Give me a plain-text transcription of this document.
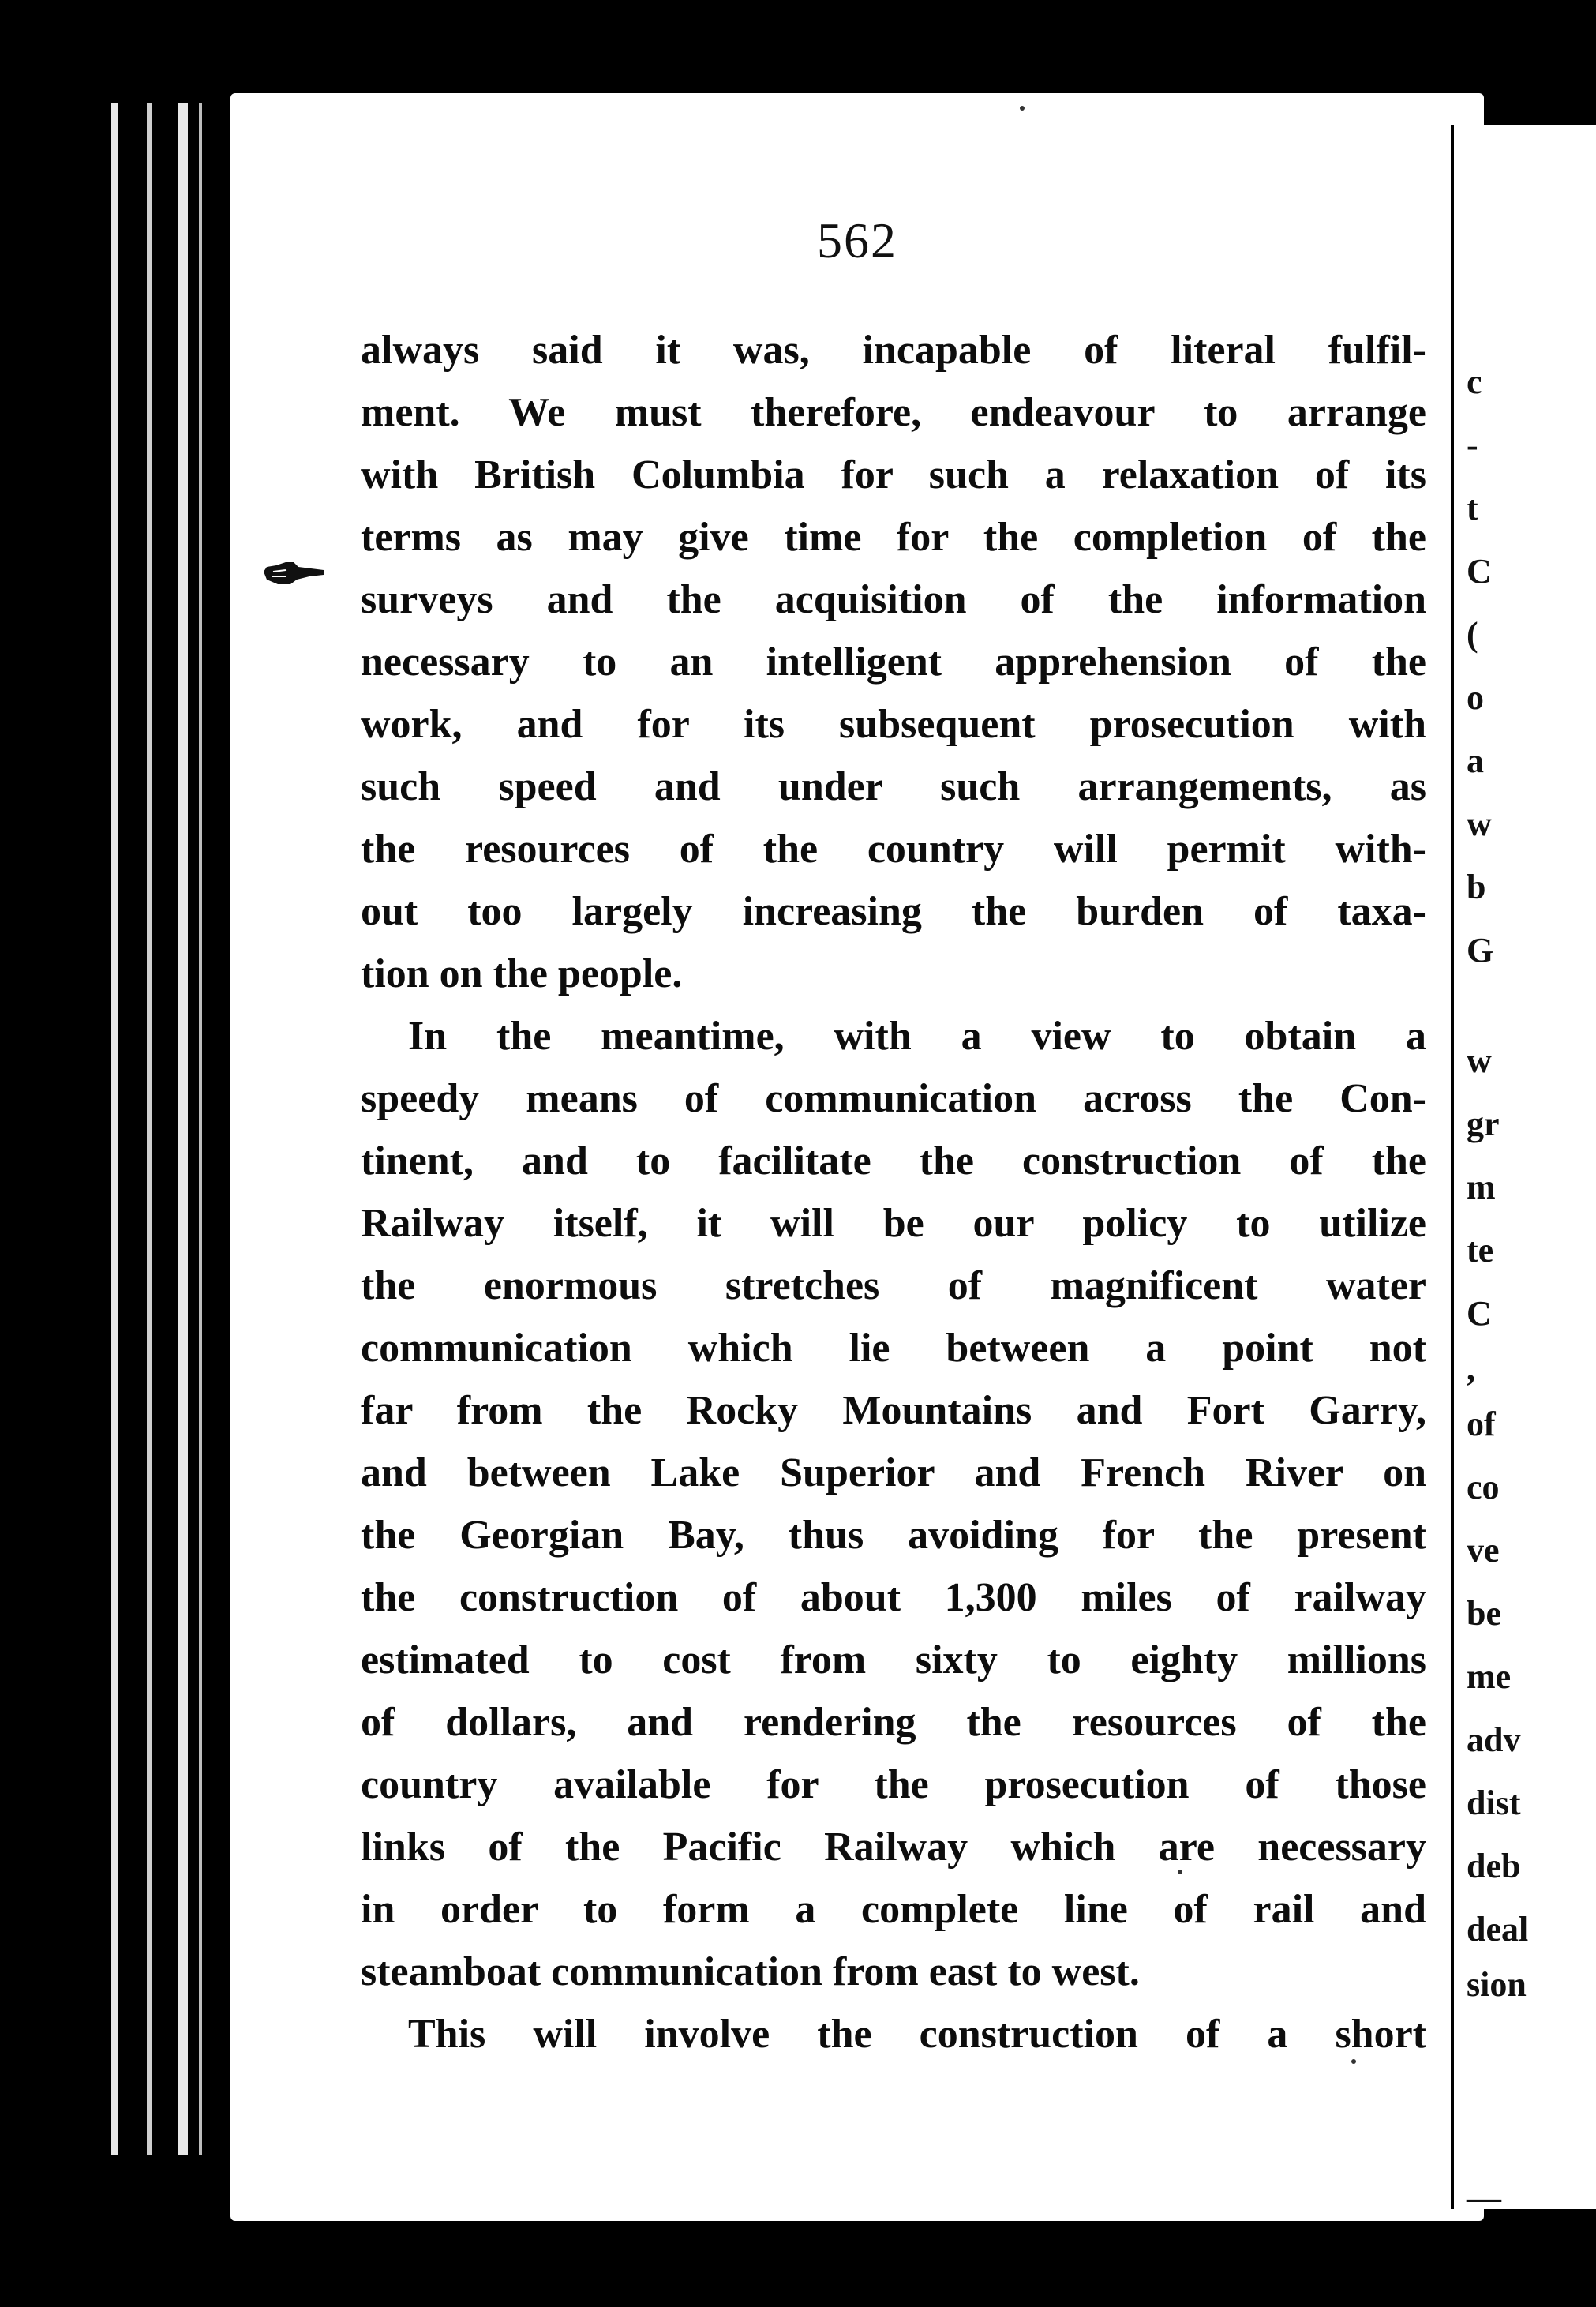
562
always said it was, incapable of literal fulfil-
ment. We must therefore, endeavour to arrange
with British Columbia for such a relaxation of its
terms as may give time for the completion of the
surveys and the acquisition of the information
necessary to an intelligent apprehension of the
work, and for its subsequent prosecution with
such speed and under such arrangements, as
the resources of the country will permit with-
out too largely increasing the burden of taxa-
tion on the people.
In the meantime, with a view to obtain a
speedy means of communication across the Con-
tinent, and to facilitate the construction of the
Railway itself, it will be our policy to utilize
the enormous stretches of magnificent water
communication which lie between a point not
far from the Rocky Mountains and Fort Garry,
and between Lake Superior and French River on
the Georgian Bay, thus avoiding for the present
the construction of about 1,300 miles of railway
estimated to cost from sixty to eighty millions
of dollars, and rendering the resources of the
country available for the prosecution of those
links of the Pacific Railway which are necessary
in order to form a complete line of rail and
steamboat communication from east to west.
This will involve the construction of a short
c
-
t
C
(
o
a
w
b
G
w
gr
m
te
C
,
of
co
ve
be
me
adv
dist
deb
deal
sion
—
